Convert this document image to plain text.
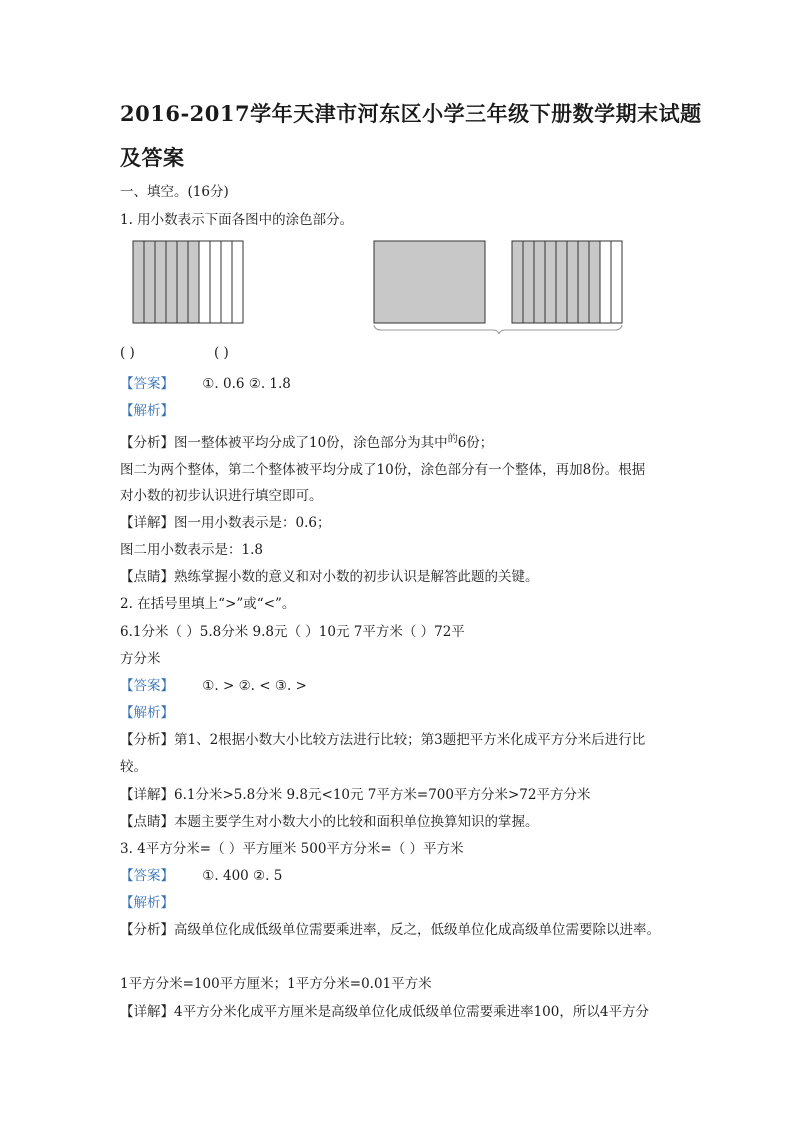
2016-2017学年天津市河东区小学三年级下册数学期末试题
及答案
一、填空。(16分)
1. 用小数表示下面各图中的涂色部分。
( )	( )
【答案】 ①. 0.6 ②. 1.8
【解析】
【分析】图一整体被平均分成了10份，涂色部分为其中$^的$6份；
图二为两个整体，第二个整体被平均分成了10份，涂色部分有一个整体，再加8份。根据
对小数的初步认识进行填空即可。
【详解】图一用小数表示是：0.6；
图二用小数表示是：1.8
【点睛】熟练掌握小数的意义和对小数的初步认识是解答此题的关键。
2. 在括号里填上“>”或“<”。
6.1分米（ ）5.8分米 9.8元（ ）10元 7平方米（ ）72平
方分米
【答案】 ①. > ②. < ③. >
【解析】
【分析】第1、2根据小数大小比较方法进行比较；第3题把平方米化成平方分米后进行比
较。
【详解】6.1分米>5.8分米 9.8元<10元 7平方米=700平方分米>72平方分米
【点睛】本题主要学生对小数大小的比较和面积单位换算知识的掌握。
3. 4平方分米=（ ）平方厘米 500平方分米=（ ）平方米
【答案】 ①. 400 ②. 5
【解析】
【分析】高级单位化成低级单位需要乘进率，反之，低级单位化成高级单位需要除以进率。
1平方分米=100平方厘米；1平方分米=0.01平方米
【详解】4平方分米化成平方厘米是高级单位化成低级单位需要乘进率100，所以4平方分
